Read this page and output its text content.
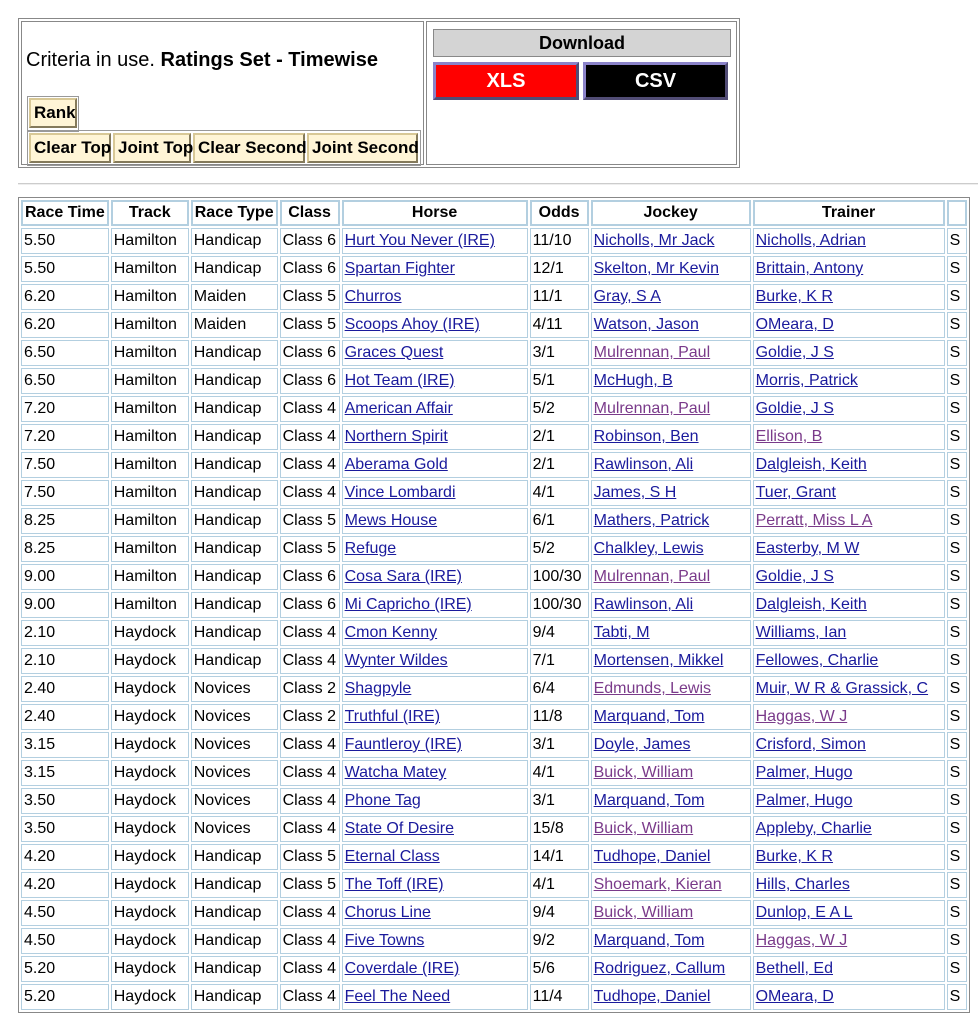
Criteria in use. Ratings Set - Timewise
Rank
Clear Top Joint Top Clear Second Joint Second
Download
XLS	CSV
Race Time	Track	Race Type	Class	Horse	Odds	Jockey	Trainer	
5.50	Hamilton	Handicap	Class 6	Hurt You Never (IRE)	11/10	Nicholls, Mr Jack	Nicholls, Adrian	S
5.50	Hamilton	Handicap	Class 6	Spartan Fighter	12/1	Skelton, Mr Kevin	Brittain, Antony	S
6.20	Hamilton	Maiden	Class 5	Churros	11/1	Gray, S A	Burke, K R	S
6.20	Hamilton	Maiden	Class 5	Scoops Ahoy (IRE)	4/11	Watson, Jason	OMeara, D	S
6.50	Hamilton	Handicap	Class 6	Graces Quest	3/1	Mulrennan, Paul	Goldie, J S	S
6.50	Hamilton	Handicap	Class 6	Hot Team (IRE)	5/1	McHugh, B	Morris, Patrick	S
7.20	Hamilton	Handicap	Class 4	American Affair	5/2	Mulrennan, Paul	Goldie, J S	S
7.20	Hamilton	Handicap	Class 4	Northern Spirit	2/1	Robinson, Ben	Ellison, B	S
7.50	Hamilton	Handicap	Class 4	Aberama Gold	2/1	Rawlinson, Ali	Dalgleish, Keith	S
7.50	Hamilton	Handicap	Class 4	Vince Lombardi	4/1	James, S H	Tuer, Grant	S
8.25	Hamilton	Handicap	Class 5	Mews House	6/1	Mathers, Patrick	Perratt, Miss L A	S
8.25	Hamilton	Handicap	Class 5	Refuge	5/2	Chalkley, Lewis	Easterby, M W	S
9.00	Hamilton	Handicap	Class 6	Cosa Sara (IRE)	100/30	Mulrennan, Paul	Goldie, J S	S
9.00	Hamilton	Handicap	Class 6	Mi Capricho (IRE)	100/30	Rawlinson, Ali	Dalgleish, Keith	S
2.10	Haydock	Handicap	Class 4	Cmon Kenny	9/4	Tabti, M	Williams, Ian	S
2.10	Haydock	Handicap	Class 4	Wynter Wildes	7/1	Mortensen, Mikkel	Fellowes, Charlie	S
2.40	Haydock	Novices	Class 2	Shagpyle	6/4	Edmunds, Lewis	Muir, W R & Grassick, C	S
2.40	Haydock	Novices	Class 2	Truthful (IRE)	11/8	Marquand, Tom	Haggas, W J	S
3.15	Haydock	Novices	Class 4	Fauntleroy (IRE)	3/1	Doyle, James	Crisford, Simon	S
3.15	Haydock	Novices	Class 4	Watcha Matey	4/1	Buick, William	Palmer, Hugo	S
3.50	Haydock	Novices	Class 4	Phone Tag	3/1	Marquand, Tom	Palmer, Hugo	S
3.50	Haydock	Novices	Class 4	State Of Desire	15/8	Buick, William	Appleby, Charlie	S
4.20	Haydock	Handicap	Class 5	Eternal Class	14/1	Tudhope, Daniel	Burke, K R	S
4.20	Haydock	Handicap	Class 5	The Toff (IRE)	4/1	Shoemark, Kieran	Hills, Charles	S
4.50	Haydock	Handicap	Class 4	Chorus Line	9/4	Buick, William	Dunlop, E A L	S
4.50	Haydock	Handicap	Class 4	Five Towns	9/2	Marquand, Tom	Haggas, W J	S
5.20	Haydock	Handicap	Class 4	Coverdale (IRE)	5/6	Rodriguez, Callum	Bethell, Ed	S
5.20	Haydock	Handicap	Class 4	Feel The Need	11/4	Tudhope, Daniel	OMeara, D	S
